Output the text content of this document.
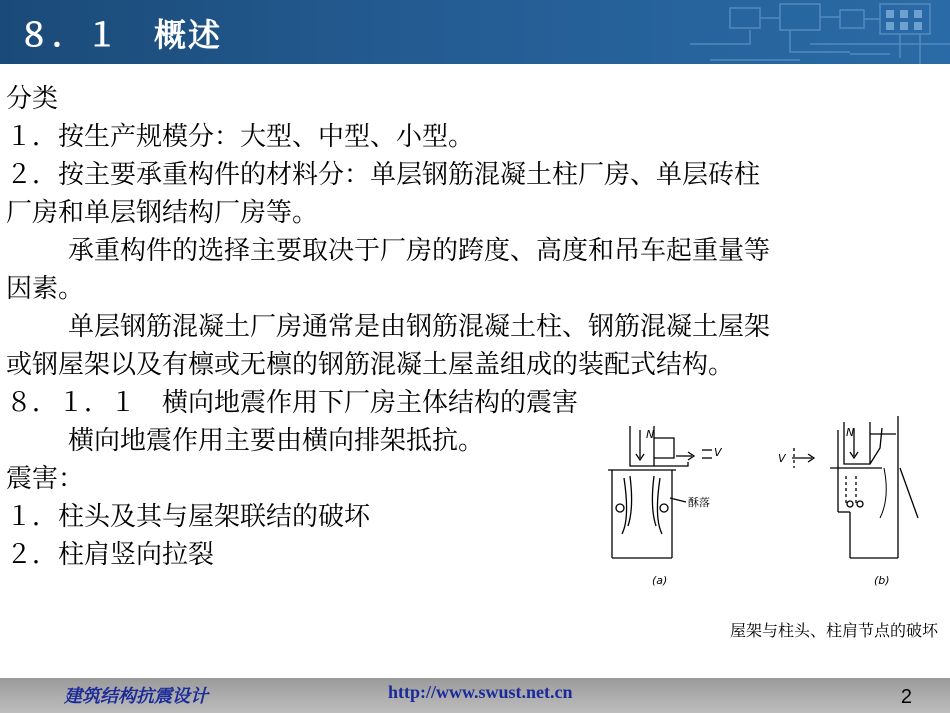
８．１　概述
分类
１．按生产规模分：大型、中型、小型。
２．按主要承重构件的材料分：单层钢筋混凝土柱厂房、单层砖柱
厂房和单层钢结构厂房等。
承重构件的选择主要取决于厂房的跨度、高度和吊车起重量等
因素。
单层钢筋混凝土厂房通常是由钢筋混凝土柱、钢筋混凝土屋架
或钢屋架以及有檩或无檩的钢筋混凝土屋盖组成的装配式结构。
８．１．１　横向地震作用下厂房主体结构的震害
横向地震作用主要由横向排架抵抗。
震害：
１．柱头及其与屋架联结的破坏
２．柱肩竖向拉裂
N
V
N
V
(a)	(b)
酥落
屋架与柱头、柱肩节点的破坏
建筑结构抗震设计	http://www.swust.net.cn	2
